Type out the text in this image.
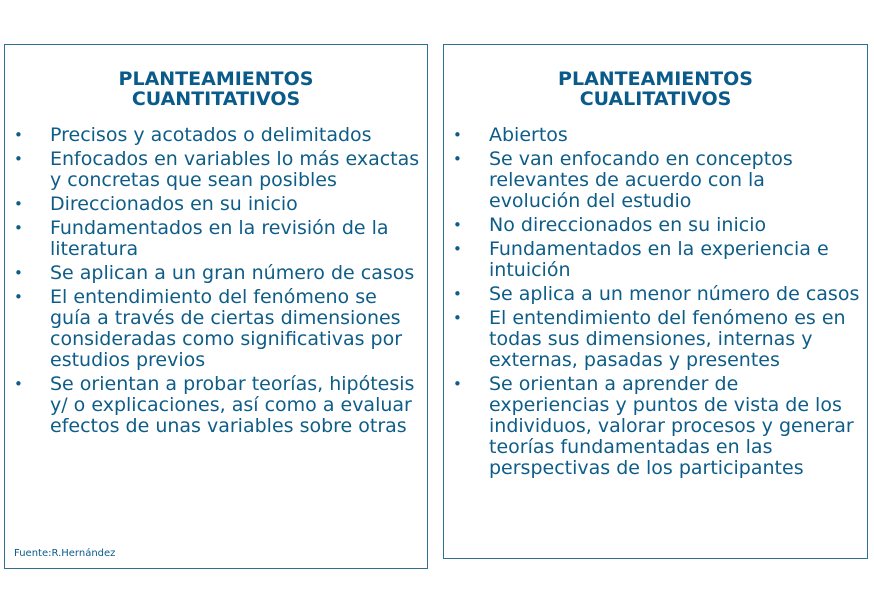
PLANTEAMIENTOS
CUANTITATIVOS
• Precisos y acotados o delimitados
• Enfocados en variables lo más exactas y concretas que sean posibles
• Direccionados en su inicio
• Fundamentados en la revisión de la literatura
• Se aplican a un gran número de casos
• El entendimiento del fenómeno se guía a través de ciertas dimensiones consideradas como significativas por estudios previos
• Se orientan a probar teorías, hipótesis y/ o explicaciones, así como a evaluar efectos de unas variables sobre otras
Fuente:R.Hernández
PLANTEAMIENTOS
CUALITATIVOS
• Abiertos
• Se van enfocando en conceptos relevantes de acuerdo con la evolución del estudio
• No direccionados en su inicio
• Fundamentados en la experiencia e intuición
• Se aplica a un menor número de casos
• El entendimiento del fenómeno es en todas sus dimensiones, internas y externas, pasadas y presentes
• Se orientan a aprender de experiencias y puntos de vista de los individuos, valorar procesos y generar teorías fundamentadas en las perspectivas de los participantes
